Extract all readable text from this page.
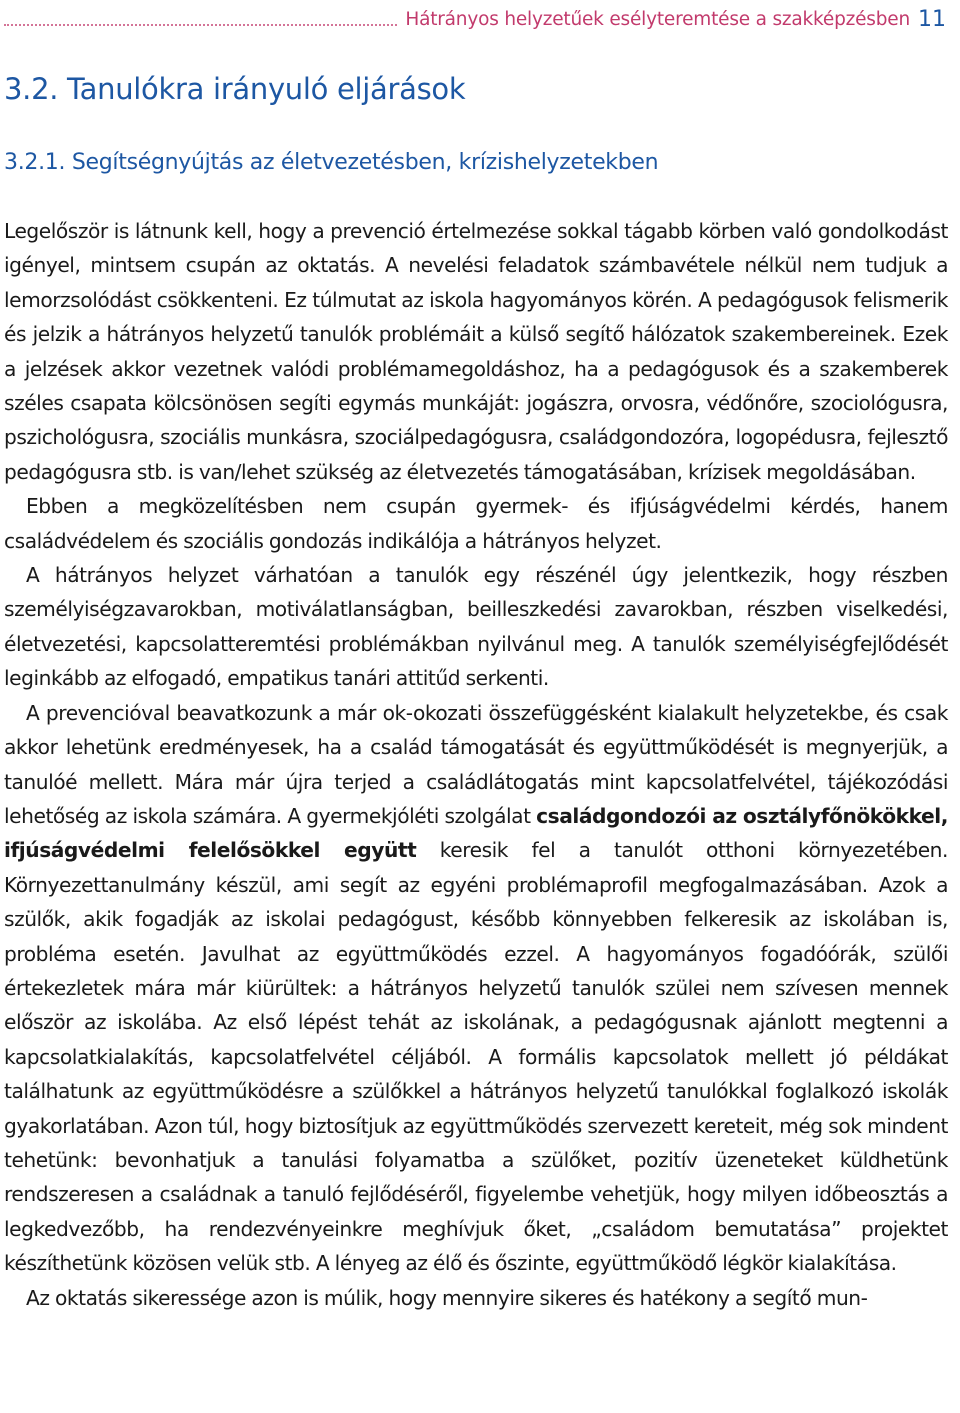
Hátrányos helyzetűek esélyteremtése a szakképzésben 11
3.2. Tanulókra irányuló eljárások
3.2.1. Segítségnyújtás az életvezetésben, krízishelyzetekben

Legelőször is látnunk kell, hogy a prevenció értelmezése sokkal tágabb körben való gondolkodást igényel, mintsem csupán az oktatás. A nevelési feladatok számbavétele nélkül nem tudjuk a lemorzsolódást csökkenteni. Ez túlmutat az iskola hagyományos körén. A pedagógusok felismerik és jelzik a hátrányos helyzetű tanulók problémáit a külső segítő hálózatok szakembereinek. Ezek a jelzések akkor vezetnek valódi problémamegoldáshoz, ha a pedagógusok és a szakemberek széles csapata kölcsönösen segíti egymás munkáját: jogászra, orvosra, védőnőre, szociológusra, pszichológusra, szociális munkásra, szociálpedagógusra, családgondozóra, logopédusra, fejlesztő pedagógusra stb. is van/lehet szükség az életvezetés támogatásában, krízisek megoldásában.

Ebben a megközelítésben nem csupán gyermek- és ifjúságvédelmi kérdés, hanem családvédelem és szociális gondozás indikálója a hátrányos helyzet.

A hátrányos helyzet várhatóan a tanulók egy részénél úgy jelentkezik, hogy részben személyiségzavarokban, motiválatlanságban, beilleszkedési zavarokban, részben viselkedési, életvezetési, kapcsolatteremtési problémákban nyilvánul meg. A tanulók személyiségfejlődését leginkább az elfogadó, empatikus tanári attitűd serkenti.

A prevencióval beavatkozunk a már ok-okozati összefüggésként kialakult helyzetekbe, és csak akkor lehetünk eredményesek, ha a család támogatását és együttműködését is megnyerjük, a tanulóé mellett. Mára már újra terjed a családlátogatás mint kapcsolatfelvétel, tájékozódási lehetőség az iskola számára. A gyermekjóléti szolgálat családgondozói az osztályfőnökökkel, ifjúságvédelmi felelősökkel együtt keresik fel a tanulót otthoni környezetében. Környezettanulmány készül, ami segít az egyéni problémaprofil megfogalmazásában. Azok a szülők, akik fogadják az iskolai pedagógust, később könnyebben felkeresik az iskolában is, probléma esetén. Javulhat az együttműködés ezzel. A hagyományos fogadóórák, szülői értekezletek mára már kiürültek: a hátrányos helyzetű tanulók szülei nem szívesen mennek először az iskolába. Az első lépést tehát az iskolának, a pedagógusnak ajánlott megtenni a kapcsolatkialakítás, kapcsolatfelvétel céljából. A formális kapcsolatok mellett jó példákat találhatunk az együttműködésre a szülőkkel a hátrányos helyzetű tanulókkal foglalkozó iskolák gyakorlatában. Azon túl, hogy biztosítjuk az együttműködés szervezett kereteit, még sok mindent tehetünk: bevonhatjuk a tanulási folyamatba a szülőket, pozitív üzeneteket küldhetünk rendszeresen a családnak a tanuló fejlődéséről, figyelembe vehetjük, hogy milyen időbeosztás a legkedvezőbb, ha rendezvényeinkre meghívjuk őket, „családom bemutatása” projektet készíthetünk közösen velük stb. A lényeg az élő és őszinte, együttműködő légkör kialakítása.

Az oktatás sikeressége azon is múlik, hogy mennyire sikeres és hatékony a segítő mun-
